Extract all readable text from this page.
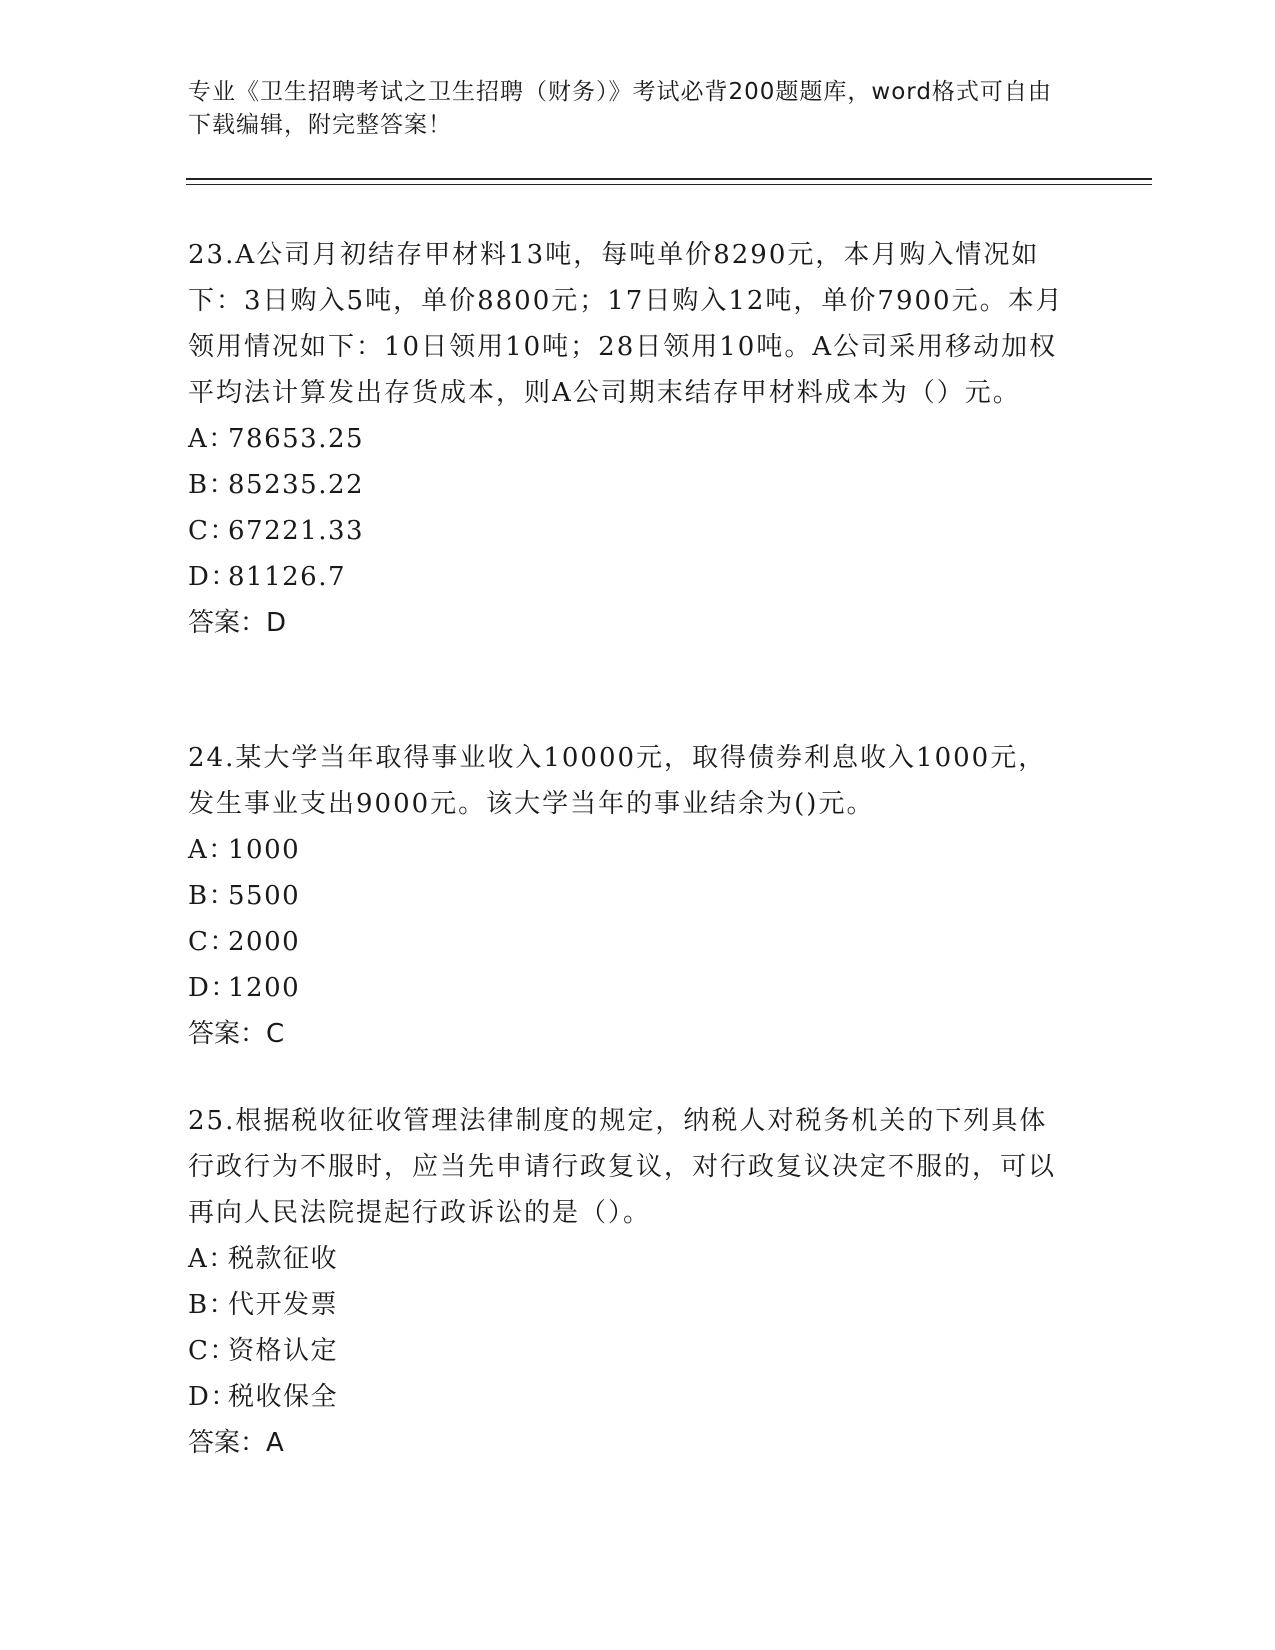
专业《卫生招聘考试之卫生招聘（财务）》考试必背200题题库，word格式可自由下载编辑，附完整答案！

23.A公司月初结存甲材料13吨，每吨单价8290元，本月购入情况如下：3日购入5吨，单价8800元；17日购入12吨，单价7900元。本月领用情况如下：10日领用10吨；28日领用10吨。A公司采用移动加权平均法计算发出存货成本，则A公司期末结存甲材料成本为（）元。

A：
78653.25

B：
85235.22

C：
67221.33

D：
81126.7

答案：D

24.某大学当年取得事业收入10000元，取得债券利息收入1000元，发生事业支出9000元。该大学当年的事业结余为()元。

A：
1000

B：
5500

C：
2000

D：
1200

答案：C

25.根据税收征收管理法律制度的规定，纳税人对税务机关的下列具体行政行为不服时，应当先申请行政复议，对行政复议决定不服的，可以再向人民法院提起行政诉讼的是（）。

A：
税款征收

B：
代开发票

C：
资格认定

D：
税收保全

答案：A
